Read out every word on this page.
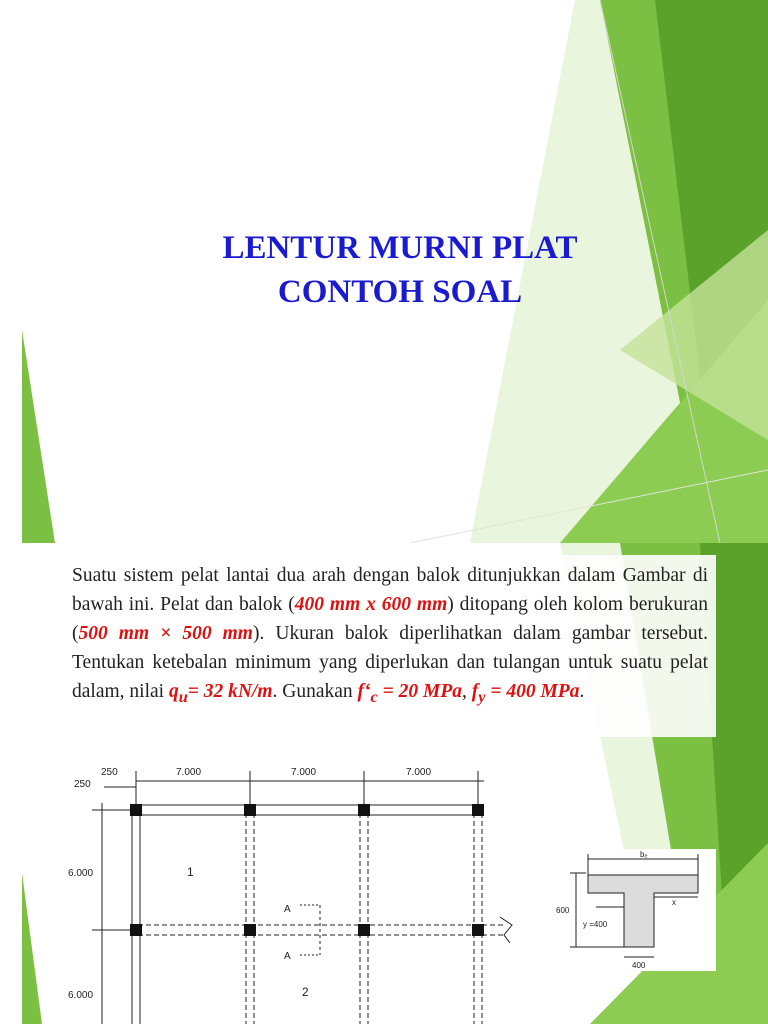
LENTUR MURNI PLAT
CONTOH SOAL
Suatu sistem pelat lantai dua arah dengan balok ditunjukkan dalam Gambar di bawah ini. Pelat dan balok (400 mm x 600 mm) ditopang oleh kolom berukuran (500 mm × 500 mm). Ukuran balok diperlihatkan dalam gambar tersebut. Tentukan ketebalan minimum yang diperlukan dan tulangan untuk suatu pelat dalam, nilai $q_u= 32$ kN/m. Gunakan $f‘_c = 20$ MPa, $f_y = 400$ MPa.
250
250	7.000	7.000	7.000
6.000
6.000
1
2
A
A
bₑ
600
y =400
x
400
